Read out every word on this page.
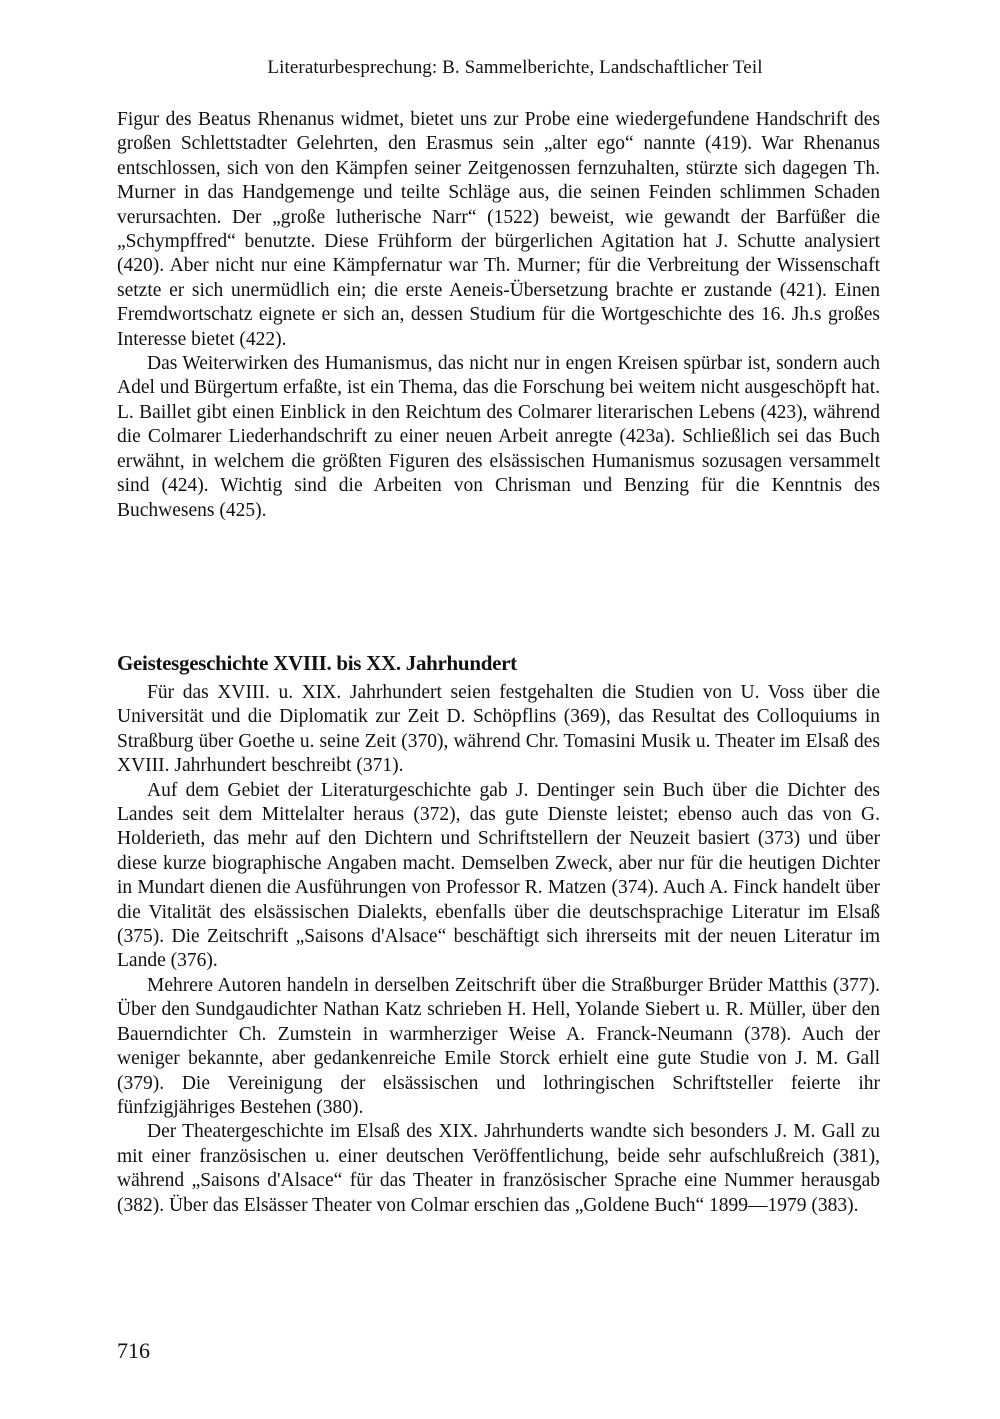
Literaturbesprechung: B. Sammelberichte, Landschaftlicher Teil

Figur des Beatus Rhenanus widmet, bietet uns zur Probe eine wiedergefundene Handschrift des großen Schlettstadter Gelehrten, den Erasmus sein „alter ego“ nannte (419). War Rhenanus entschlossen, sich von den Kämpfen seiner Zeitgenossen fernzuhalten, stürzte sich dagegen Th. Murner in das Handgemenge und teilte Schläge aus, die seinen Feinden schlimmen Schaden verursachten. Der „große lutherische Narr“ (1522) beweist, wie gewandt der Barfüßer die „Schympffred“ benutzte. Diese Frühform der bürgerlichen Agitation hat J. Schutte analysiert (420). Aber nicht nur eine Kämpfernatur war Th. Murner; für die Verbreitung der Wissenschaft setzte er sich unermüdlich ein; die erste Aeneis-Übersetzung brachte er zustande (421). Einen Fremdwortschatz eignete er sich an, dessen Studium für die Wortgeschichte des 16. Jh.s großes Interesse bietet (422).

Das Weiterwirken des Humanismus, das nicht nur in engen Kreisen spürbar ist, sondern auch Adel und Bürgertum erfaßte, ist ein Thema, das die Forschung bei weitem nicht ausgeschöpft hat. L. Baillet gibt einen Einblick in den Reichtum des Colmarer literarischen Lebens (423), während die Colmarer Liederhandschrift zu einer neuen Arbeit anregte (423a). Schließlich sei das Buch erwähnt, in welchem die größten Figuren des elsässischen Humanismus sozusagen versammelt sind (424). Wichtig sind die Arbeiten von Chrisman und Benzing für die Kenntnis des Buchwesens (425).

Geistesgeschichte XVIII. bis XX. Jahrhundert

Für das XVIII. u. XIX. Jahrhundert seien festgehalten die Studien von U. Voss über die Universität und die Diplomatik zur Zeit D. Schöpflins (369), das Resultat des Colloquiums in Straßburg über Goethe u. seine Zeit (370), während Chr. Tomasini Musik u. Theater im Elsaß des XVIII. Jahrhundert beschreibt (371).

Auf dem Gebiet der Literaturgeschichte gab J. Dentinger sein Buch über die Dichter des Landes seit dem Mittelalter heraus (372), das gute Dienste leistet; ebenso auch das von G. Holderieth, das mehr auf den Dichtern und Schriftstellern der Neuzeit basiert (373) und über diese kurze biographische Angaben macht. Demselben Zweck, aber nur für die heutigen Dichter in Mundart dienen die Ausführungen von Professor R. Matzen (374). Auch A. Finck handelt über die Vitalität des elsässischen Dialekts, ebenfalls über die deutschsprachige Literatur im Elsaß (375). Die Zeitschrift „Saisons d'Alsace“ beschäftigt sich ihrerseits mit der neuen Literatur im Lande (376).

Mehrere Autoren handeln in derselben Zeitschrift über die Straßburger Brüder Matthis (377). Über den Sundgaudichter Nathan Katz schrieben H. Hell, Yolande Siebert u. R. Müller, über den Bauerndichter Ch. Zumstein in warmherziger Weise A. Franck-Neumann (378). Auch der weniger bekannte, aber gedankenreiche Emile Storck erhielt eine gute Studie von J. M. Gall (379). Die Vereinigung der elsässischen und lothringischen Schriftsteller feierte ihr fünfzigjähriges Bestehen (380).

Der Theatergeschichte im Elsaß des XIX. Jahrhunderts wandte sich besonders J. M. Gall zu mit einer französischen u. einer deutschen Veröffentlichung, beide sehr aufschlußreich (381), während „Saisons d'Alsace“ für das Theater in französischer Sprache eine Nummer herausgab (382). Über das Elsässer Theater von Colmar erschien das „Goldene Buch“ 1899—1979 (383).

716
